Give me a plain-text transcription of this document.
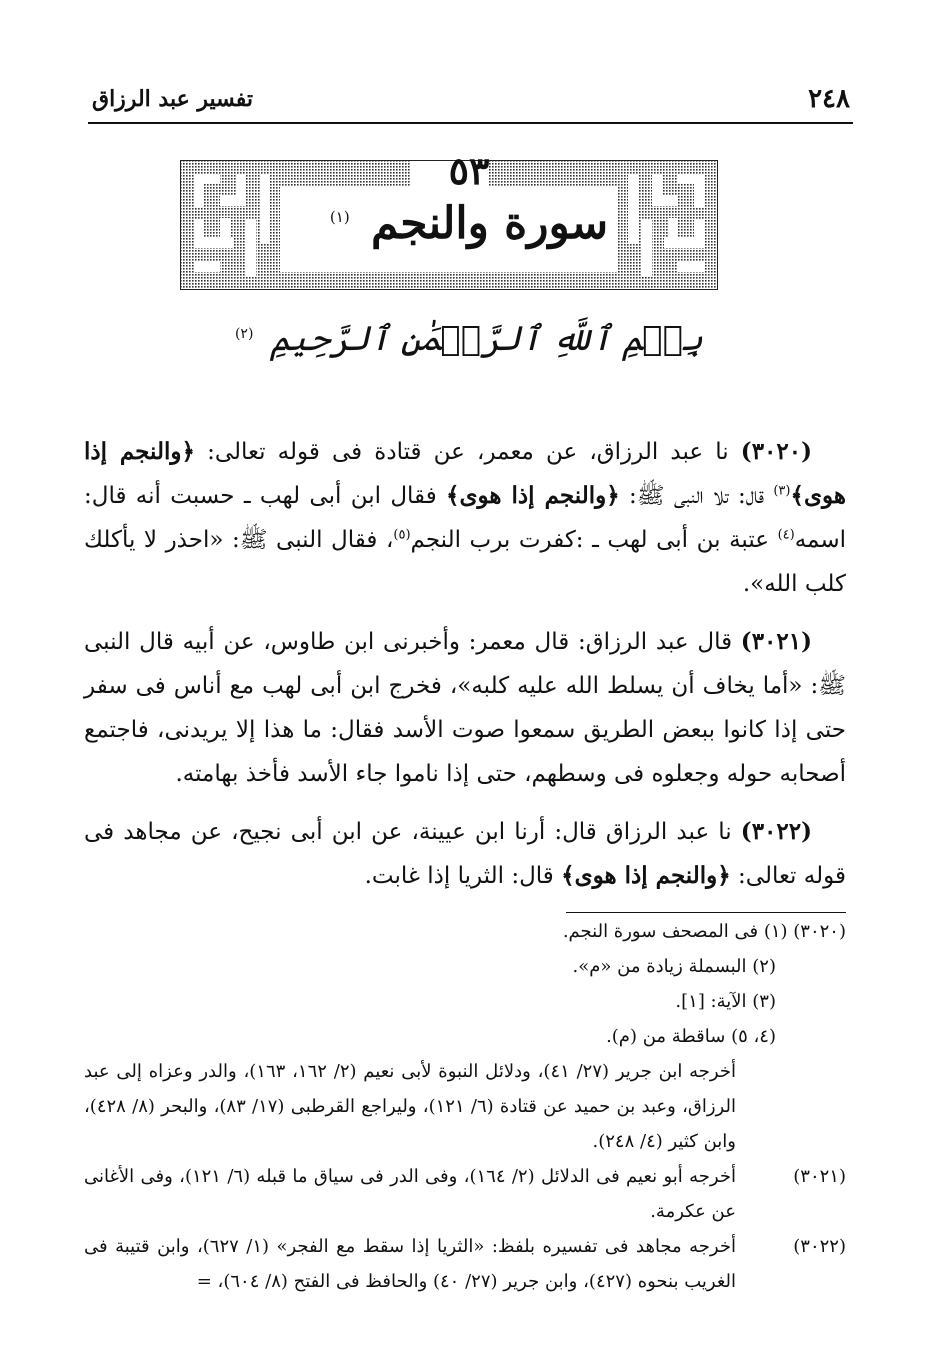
تفسير عبد الرزاق	٢٤٨
٥٣
سورة والنجم $^{(١)}$
بِسۡمِ ٱللَّهِ ٱلرَّحۡمَٰنِ ٱلرَّحِيمِ $^{(٢)}$

(٣٠٢٠) نا عبد الرزاق، عن معمر، عن قتادة فى قوله تعالى: ﴿والنجم إذا هوى﴾$^{(٣)}$ قال: تلا النبى ﷺ: ﴿والنجم إذا هوى﴾ فقال ابن أبى لهب ـ حسبت أنه قال: اسمه$^{(٤)}$ عتبة بن أبى لهب ـ :كفرت برب النجم$^{(٥)}$، فقال النبى ﷺ: «احذر لا يأكلك كلب الله».

(٣٠٢١) قال عبد الرزاق: قال معمر: وأخبرنى ابن طاوس، عن أبيه قال النبى ﷺ: «أما يخاف أن يسلط الله عليه كلبه»، فخرج ابن أبى لهب مع أناس فى سفر حتى إذا كانوا ببعض الطريق سمعوا صوت الأسد فقال: ما هذا إلا يريدنى، فاجتمع أصحابه حوله وجعلوه فى وسطهم، حتى إذا ناموا جاء الأسد فأخذ بهامته.

(٣٠٢٢) نا عبد الرزاق قال: أرنا ابن عيينة، عن ابن أبى نجيح، عن مجاهد فى قوله تعالى: ﴿والنجم إذا هوى﴾ قال: الثريا إذا غابت.

(٣٠٢٠) (١) فى المصحف سورة النجم.

(٢) البسملة زيادة من «م».

(٣) الآية: [١].

(٤، ٥) ساقطة من (م).

أخرجه ابن جرير (٢٧/ ٤١)، ودلائل النبوة لأبى نعيم (٢/ ١٦٢، ١٦٣)، والدر وعزاه إلى عبد الرزاق، وعبد بن حميد عن قتادة (٦/ ١٢١)، وليراجع القرطبى (١٧/ ٨٣)، والبحر (٨/ ٤٢٨)، وابن كثير (٤/ ٢٤٨).

(٣٠٢١)
أخرجه أبو نعيم فى الدلائل (٢/ ١٦٤)، وفى الدر فى سياق ما قبله (٦/ ١٢١)، وفى الأغانى عن عكرمة.
(٣٠٢٢)
أخرجه مجاهد فى تفسيره بلفظ: «الثريا إذا سقط مع الفجر» (١/ ٦٢٧)، وابن قتيبة فى الغريب بنحوه (٤٢٧)، وابن جرير (٢٧/ ٤٠) والحافظ فى الفتح (٨/ ٦٠٤)، =
